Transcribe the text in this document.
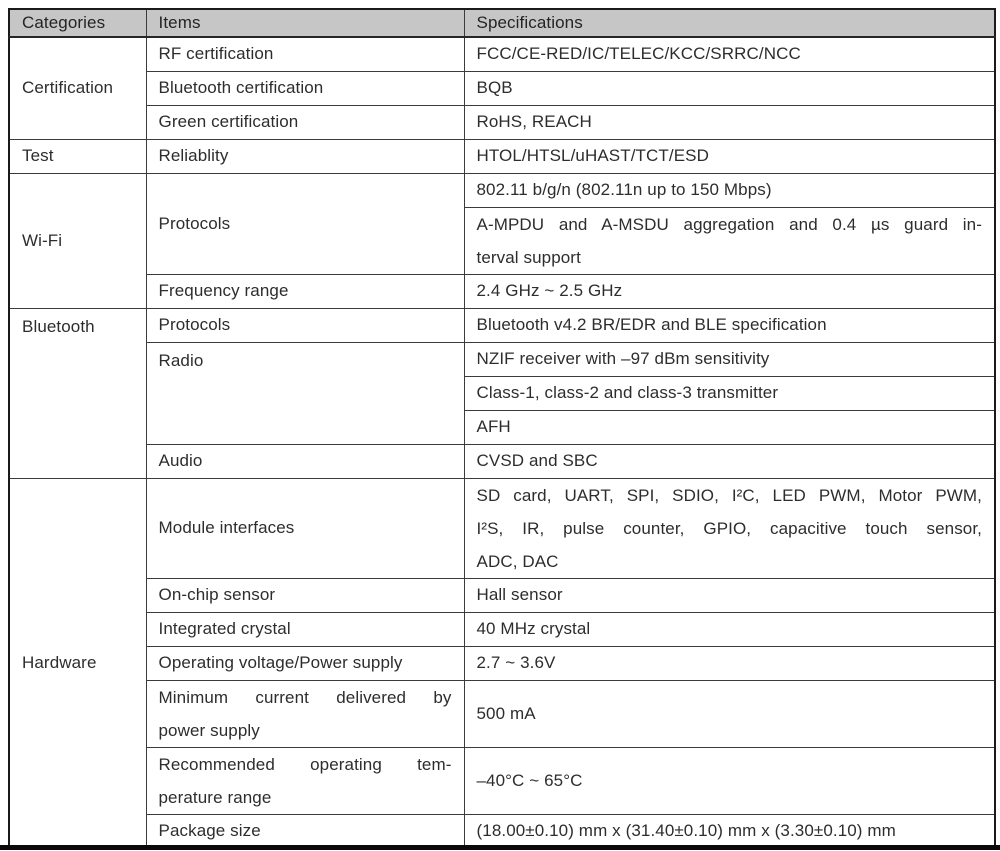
Categories	Items	Specifications
Certification	RF certification	FCC/CE-RED/IC/TELEC/KCC/SRRC/NCC
	Bluetooth certification	BQB
	Green certification	RoHS, REACH
Test	Reliablity	HTOL/HTSL/uHAST/TCT/ESD
Wi-Fi	Protocols	802.11 b/g/n (802.11n up to 150 Mbps)

		A-MPDU and A-MSDU aggregation and 0.4 µs guard in-
terval support

	Frequency range	2.4 GHz ~ 2.5 GHz
Bluetooth	Protocols	Bluetooth v4.2 BR/EDR and BLE specification
	Radio	NZIF receiver with –97 dBm sensitivity
		Class-1, class-2 and class-3 transmitter
		AFH
	Audio	CVSD and SBC
Hardware	Module interfaces	SD card, UART, SPI, SDIO, I²C, LED PWM, Motor PWM,
I²S, IR, pulse counter, GPIO, capacitive touch sensor,
ADC, DAC

	On-chip sensor	Hall sensor
	Integrated crystal	40 MHz crystal
	Operating voltage/Power supply	2.7 ~ 3.6V

	Minimum current delivered by
power supply	500 mA

	Recommended operating tem-
perature range	–40°C ~ 65°C
	Package size	(18.00±0.10) mm x (31.40±0.10) mm x (3.30±0.10) mm
